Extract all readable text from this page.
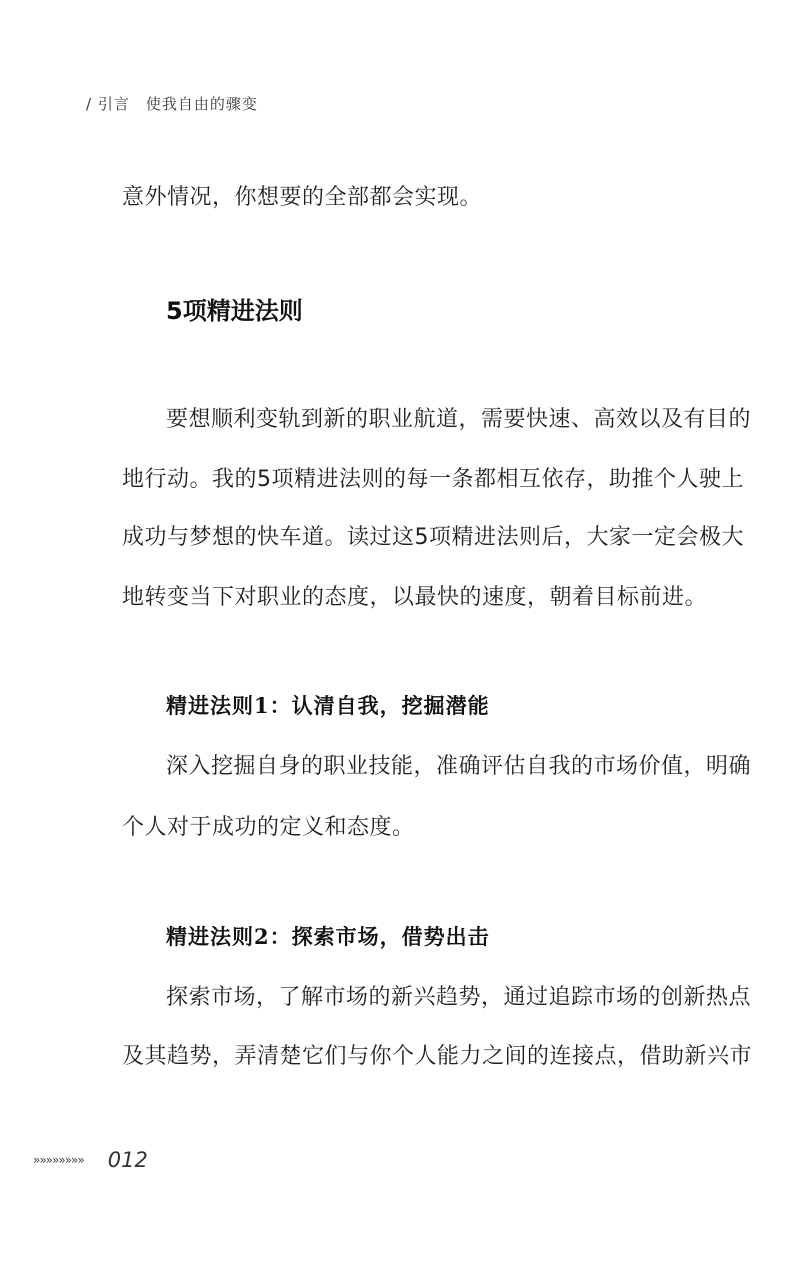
/ 引言　使我自由的骤变
意外情况，你想要的全部都会实现。
5项精进法则
要想顺利变轨到新的职业航道，需要快速、高效以及有目的
地行动。我的5项精进法则的每一条都相互依存，助推个人驶上
成功与梦想的快车道。读过这5项精进法则后，大家一定会极大
地转变当下对职业的态度，以最快的速度，朝着目标前进。
精进法则1：认清自我，挖掘潜能
深入挖掘自身的职业技能，准确评估自我的市场价值，明确
个人对于成功的定义和态度。
精进法则2：探索市场，借势出击
探索市场，了解市场的新兴趋势，通过追踪市场的创新热点
及其趋势，弄清楚它们与你个人能力之间的连接点，借助新兴市
»»»»»»»» 012
